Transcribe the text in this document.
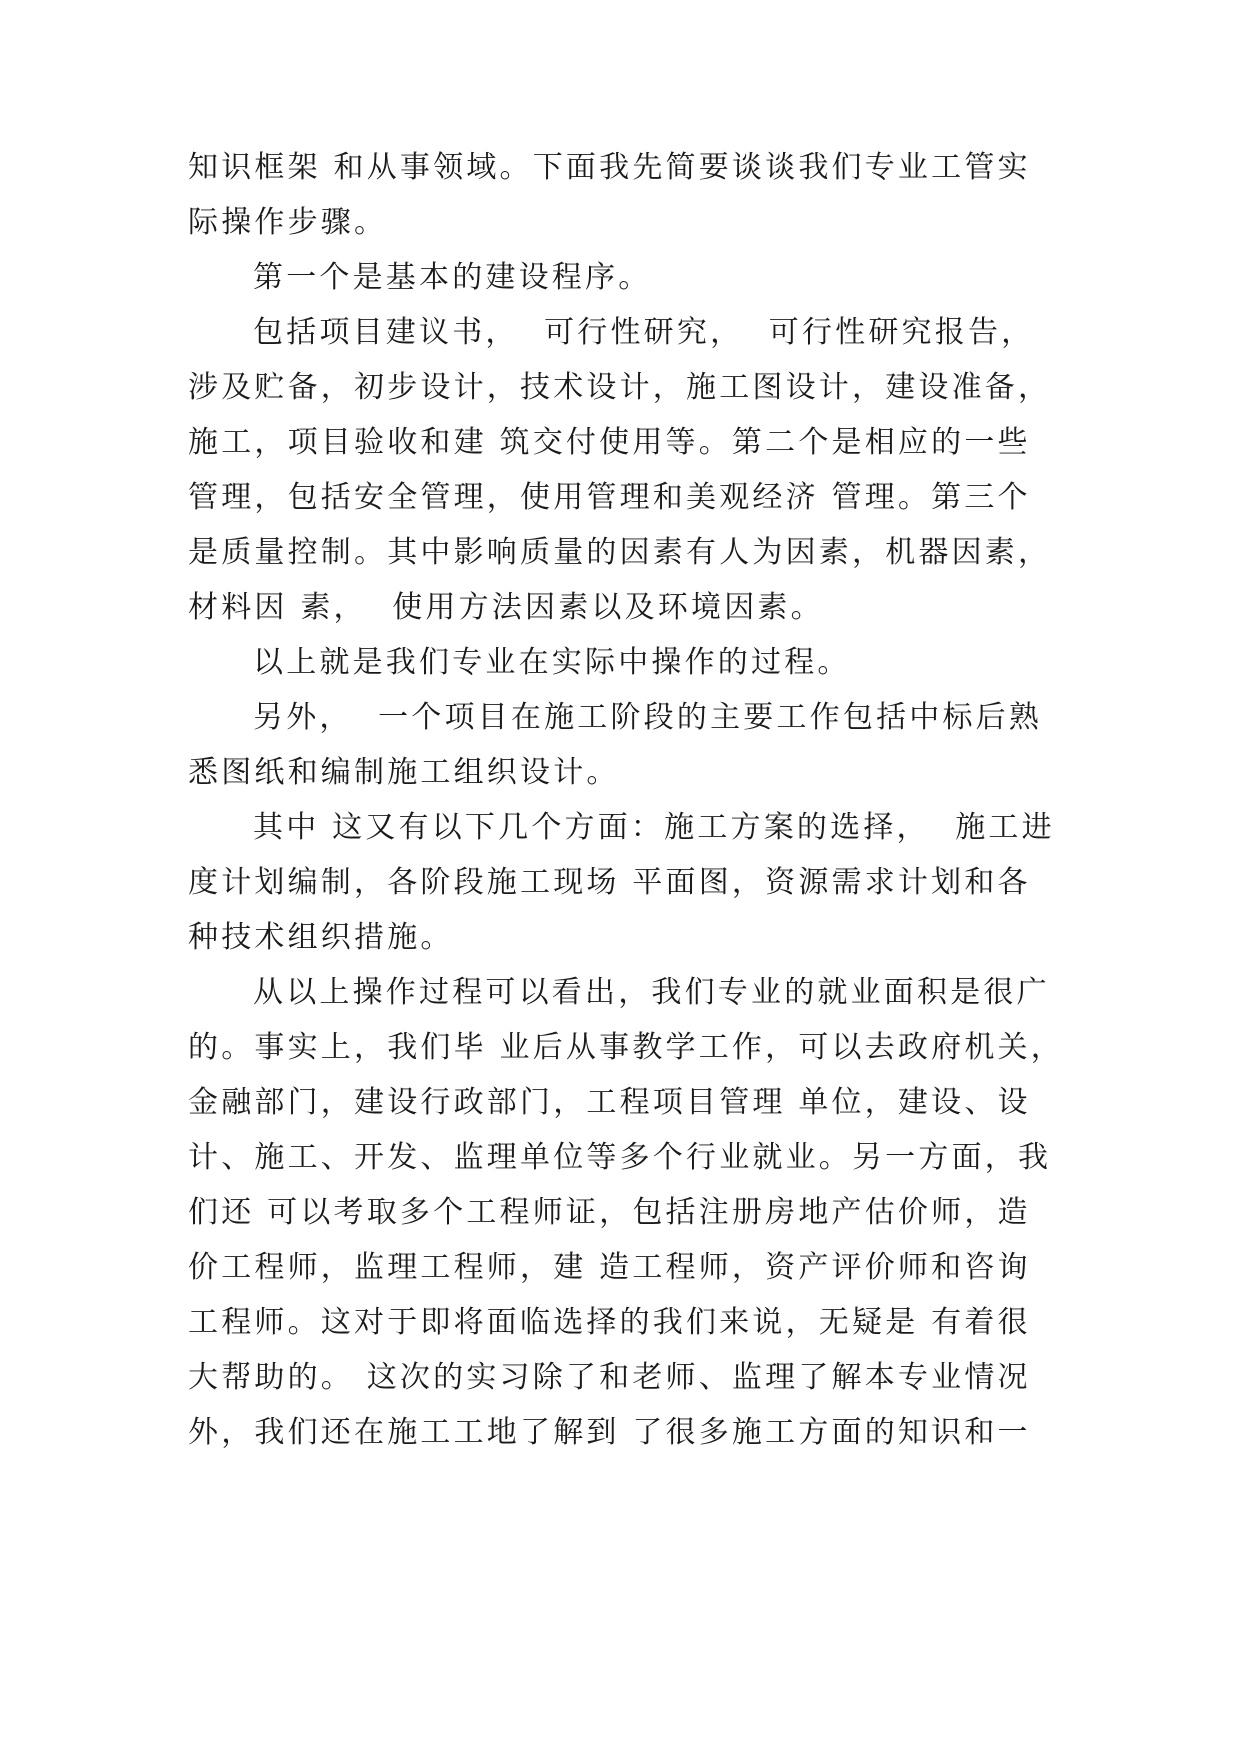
知识框架 和从事领域。下面我先简要谈谈我们专业工管实
际操作步骤。
第一个是基本的建设程序。
包括项目建议书，  可行性研究，  可行性研究报告，
涉及贮备，初步设计，技术设计，施工图设计，建设准备，
施工，项目验收和建 筑交付使用等。第二个是相应的一些
管理，包括安全管理，使用管理和美观经济 管理。第三个
是质量控制。其中影响质量的因素有人为因素，机器因素，
材料因 素，  使用方法因素以及环境因素。
以上就是我们专业在实际中操作的过程。
另外，  一个项目在施工阶段的主要工作包括中标后熟
悉图纸和编制施工组织设计。
其中 这又有以下几个方面：施工方案的选择，  施工进
度计划编制，各阶段施工现场 平面图，资源需求计划和各
种技术组织措施。
从以上操作过程可以看出，我们专业的就业面积是很广
的。事实上，我们毕 业后从事教学工作，可以去政府机关，
金融部门，建设行政部门，工程项目管理 单位，建设、设
计、施工、开发、监理单位等多个行业就业。另一方面，我
们还 可以考取多个工程师证，包括注册房地产估价师，造
价工程师，监理工程师，建 造工程师，资产评价师和咨询
工程师。这对于即将面临选择的我们来说，无疑是 有着很
大帮助的。 这次的实习除了和老师、监理了解本专业情况
外，我们还在施工工地了解到 了很多施工方面的知识和一
